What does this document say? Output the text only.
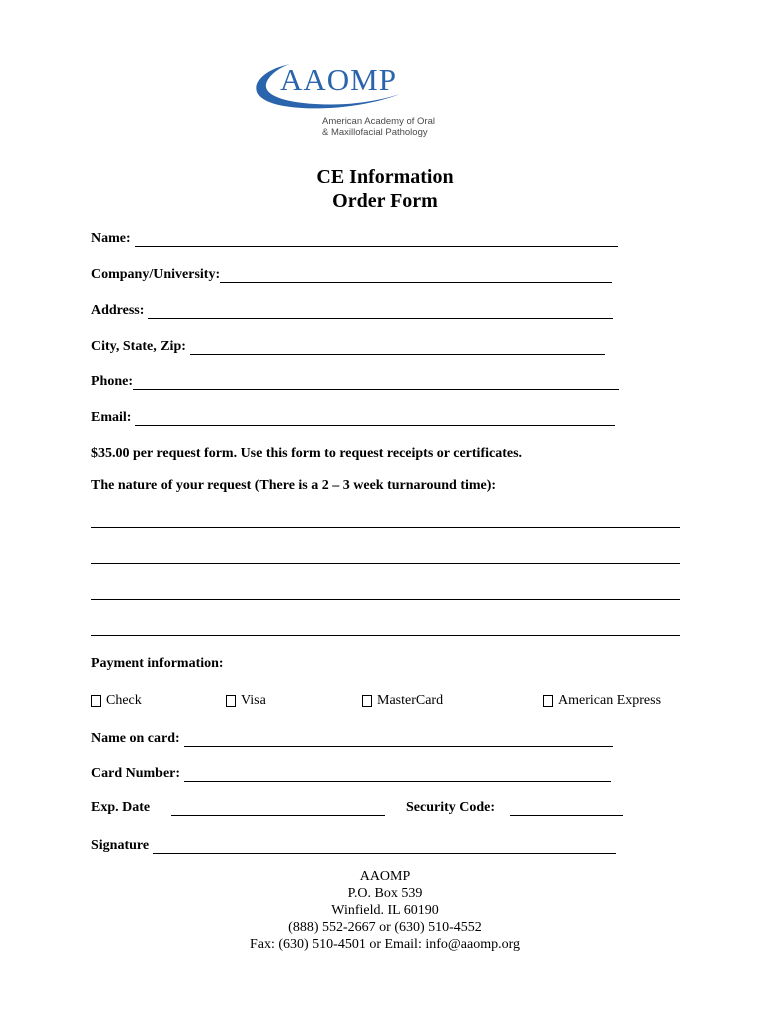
AAOMP
American Academy of Oral
& Maxillofacial Pathology
CE Information
Order Form
Name:
Company/University:
Address:
City, State, Zip:
Phone:
Email:
$35.00 per request form. Use this form to request receipts or certificates.
The nature of your request (There is a 2 – 3 week turnaround time):
Payment information:
Check	Visa	MasterCard	American Express
Name on card:
Card Number:
Exp. Date	Security Code:
Signature
AAOMP
P.O. Box 539
Winfield. IL 60190
(888) 552-2667 or (630) 510-4552
Fax: (630) 510-4501 or Email: info@aaomp.org
